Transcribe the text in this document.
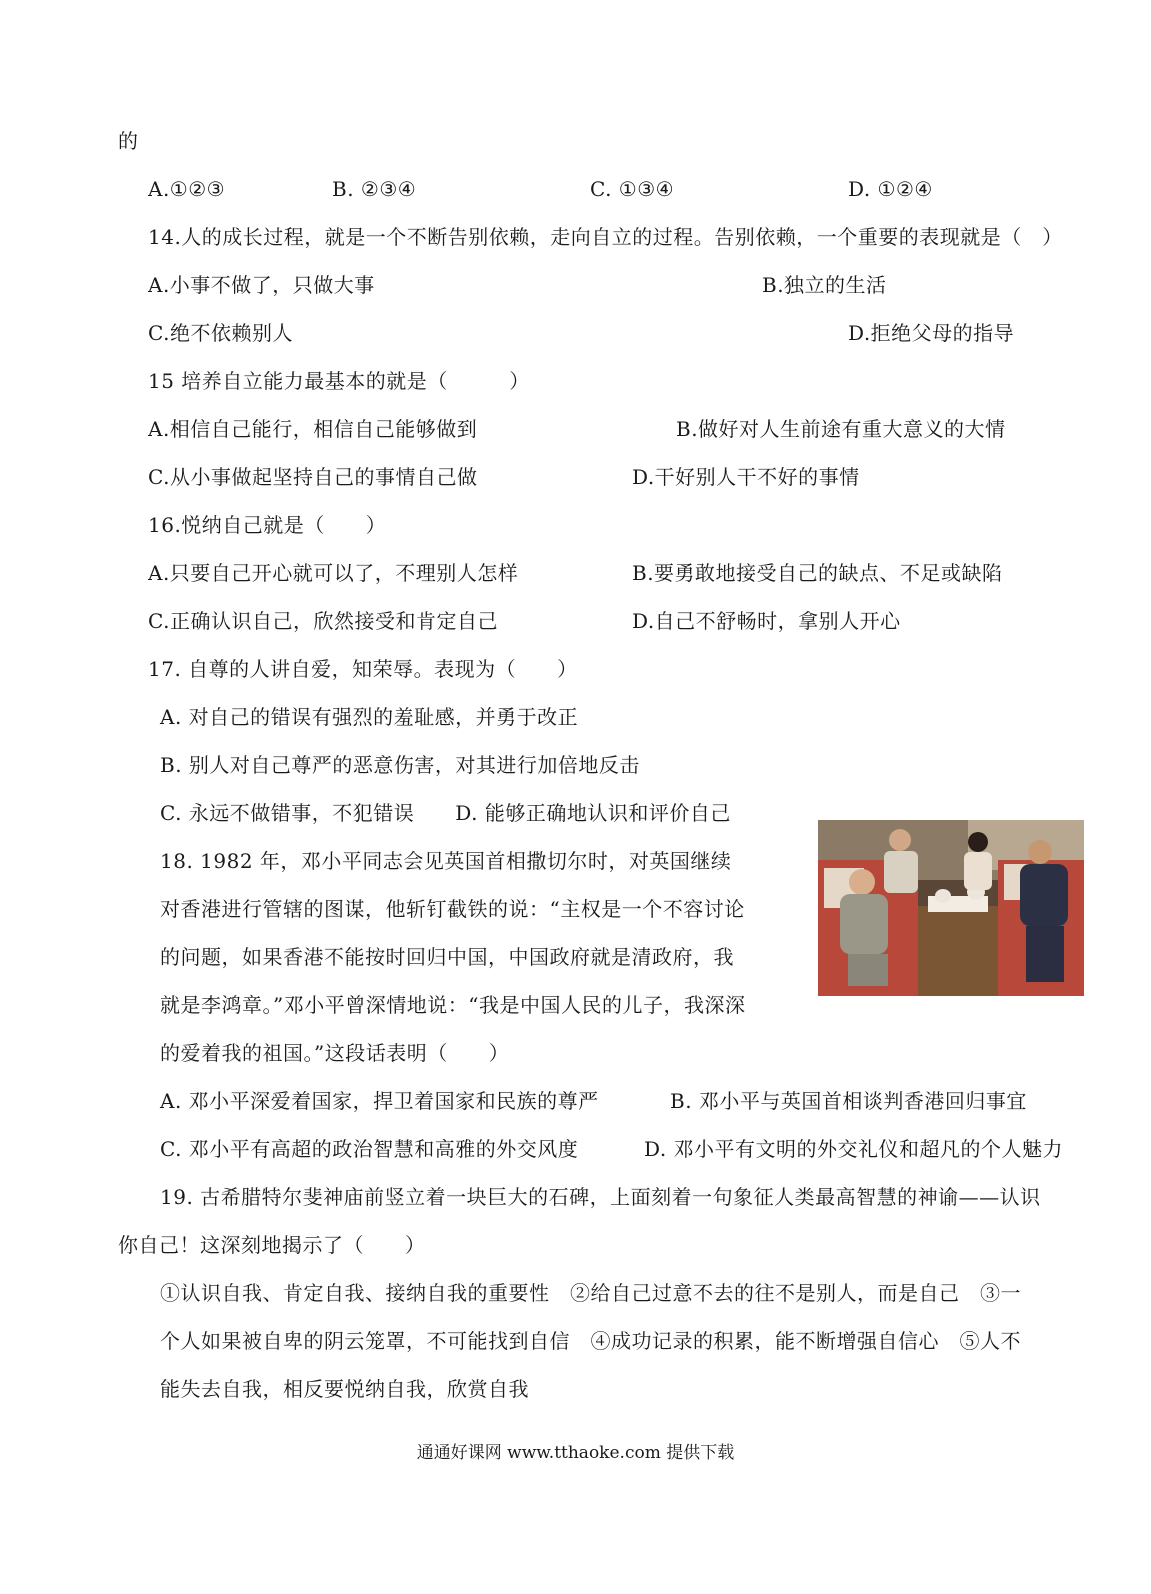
的
A.①②③	B. ②③④	C. ①③④	D. ①②④
14.人的成长过程，就是一个不断告别依赖，走向自立的过程。告别依赖，一个重要的表现就是（　）
A.小事不做了，只做大事	B.独立的生活
C.绝不依赖别人	D.拒绝父母的指导
15 培养自立能力最基本的就是（　　　）
A.相信自己能行，相信自己能够做到	B.做好对人生前途有重大意义的大情
C.从小事做起坚持自己的事情自己做	D.干好别人干不好的事情
16.悦纳自己就是（　　）
A.只要自己开心就可以了，不理别人怎样	B.要勇敢地接受自己的缺点、不足或缺陷
C.正确认识自己，欣然接受和肯定自己	D.自己不舒畅时，拿别人开心
17. 自尊的人讲自爱，知荣辱。表现为（　　）
A. 对自己的错误有强烈的羞耻感，并勇于改正
B. 别人对自己尊严的恶意伤害，对其进行加倍地反击
C. 永远不做错事，不犯错误　　D. 能够正确地认识和评价自己
18. 1982 年，邓小平同志会见英国首相撒切尔时，对英国继续
对香港进行管辖的图谋，他斩钉截铁的说：“主权是一个不容讨论
的问题，如果香港不能按时回归中国，中国政府就是清政府，我
就是李鸿章。”邓小平曾深情地说：“我是中国人民的儿子，我深深
的爱着我的祖国。”这段话表明（　　）
A. 邓小平深爱着国家，捍卫着国家和民族的尊严	B. 邓小平与英国首相谈判香港回归事宜
C. 邓小平有高超的政治智慧和高雅的外交风度	D. 邓小平有文明的外交礼仪和超凡的个人魅力
19. 古希腊特尔斐神庙前竖立着一块巨大的石碑，上面刻着一句象征人类最高智慧的神谕——认识
你自己！这深刻地揭示了（　　）
①认识自我、肯定自我、接纳自我的重要性　②给自己过意不去的往不是别人，而是自己　③一
个人如果被自卑的阴云笼罩，不可能找到自信　④成功记录的积累，能不断增强自信心　⑤人不
能失去自我，相反要悦纳自我，欣赏自我
通通好课网 www.tthaoke.com 提供下载
